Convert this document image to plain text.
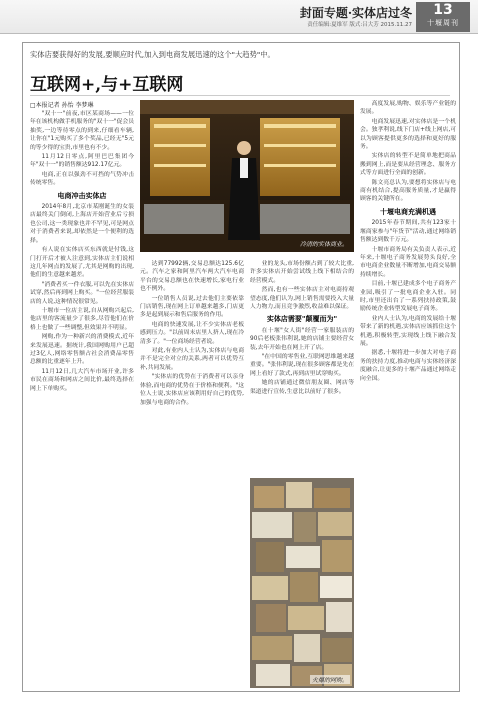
封面专题·实体店过冬
责任编辑:夏维军 版式:吕大芳 2015.11.27
13
十堰周刊
实体店要获得好的发展,要顺应时代,加入到电商发展迅速的这个"大趋势"中。
互联网+,与+互联网
□本报记者 孙怡 李梦琳

"双十一"前夜,市区某商场——一位年在该机构做手机服务的"双十一"促会员抽奖,一边等待零点的到来,仔细看车辆,让你在"1元购买了多个奖品,已经无"5元的等少得的宝贵,市里也有不少。

11月12日零点,阿里巴巴集团今年"双十一"的销售额达912.17亿元。

电商,正在以强劲不可挡的气势冲击传统零售。

电商冲击实体店

2014年8月,北京市某刚诞生的女装店最终关门倒闭,上海店开始营业后亏损也公司,这一类现象也并不罕见,可是网点对于消费者来说,却依然是一个便利的选择。

有人说在实体店买东西就是付钱,这门打开后才被人注意到,实体店主们说相这几年网点的发展了,尤其是网购的出现,他们的生意越来越差。

"消费者买一件衣服,可以先在实体店试穿,然后再到网上购买。"一位经营服装店的人说,这种情况很常见。

十堰市一位店主说,自从网购兴起后,他店里的客流量少了很多,尽管他们在价格上也做了一些调整,但效果并不明显。

网购,作为一种新兴的消费模式,近年来发展迅速。据统计,我国网购用户已超过3亿人,网络零售额占社会消费品零售总额的比重逐年上升。

11月12日,几大汽车市场开业,许多市民在商场和网店之间比价,最终选择在网上下单购买。

冷清的实体商业。

达到77992辆,交易总额达125.6亿元。汽车之家和阿里汽车两大汽车电商平台的交易总额也在快速增长,家电行业也不例外。

一位销售人员说,过去他们主要依靠门店销售,现在网上订单越来越多,门店更多是起到展示和售后服务的作用。

电商的快速发展,让不少实体店老板感到压力。"以前周末店里人挤人,现在冷清多了。"一位商场经营者说。

对此,有业内人士认为,实体店与电商并不是完全对立的关系,两者可以优势互补,共同发展。

"实体店的优势在于消费者可以亲身体验,而电商的优势在于价格和便利。"这位人士说,实体店应该利用好自己的优势,加强与电商的合作。

业的龙头,市场份额占到了较大比重,许多实体店开始尝试线上线下相结合的经营模式。

然而,也有一些实体店主对电商持观望态度,他们认为,网上销售需要投入大量人力物力,而且竞争激烈,收益难以保证。

实体店需要"颠覆而为"

在十堰"女人街"经营一家服装店的90后老板张伟利说,她的店铺主要经营女装,去年开始也在网上开了店。

"在中国的零售业,互联网思维越来越重要。"张伟利说,现在很多顾客都是先在网上看好了款式,再到店里试穿购买。

她的店铺通过微信朋友圈、网店等渠道进行宣传,生意比以前好了很多。

火爆的网购。

高度发展,购物、娱乐等产业链的发展。

电商发展迅速,对实体店是一个机会。独孝利说,线下门店+线上网店,可以为顾客提供更多的选择和更好的服务。

实体店的转型不是简单地把商品搬到网上,而是要从经营理念、服务方式等方面进行全面的创新。

陈文亮总认为,要想将实体店与电商有机结合,提高服务质量,才是赢得顾客的关键所在。

十堰电商充满机遇

2015年春节期间,共有123家十堰商家参与"年货节"活动,通过网络销售额达到数千万元。

十堰市商务局有关负责人表示,近年来,十堰电子商务发展势头良好,全市电商企业数量不断增加,电商交易额持续增长。

目前,十堰已建成多个电子商务产业园,吸引了一批电商企业入驻。同时,市里还出台了一系列扶持政策,鼓励传统企业转型发展电子商务。

业内人士认为,电商的发展给十堰带来了新的机遇,实体店应该抓住这个机遇,积极转型,实现线上线下融合发展。

据悉,十堰将进一步加大对电子商务的扶持力度,推动电商与实体经济深度融合,让更多的十堰产品通过网络走向全国。
